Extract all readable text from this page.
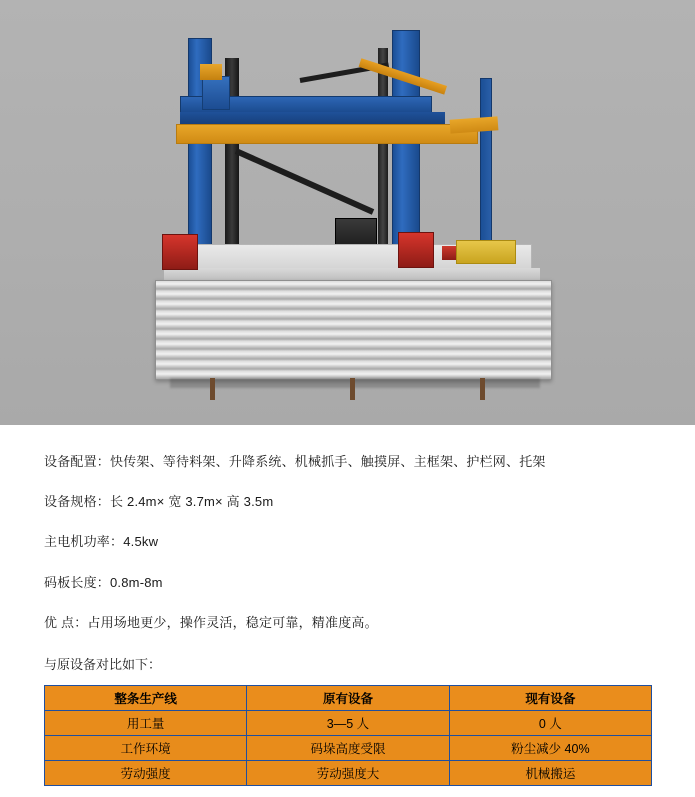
设备配置：快传架、等待料架、升降系统、机械抓手、触摸屏、主框架、护栏网、托架

设备规格：长 2.4m× 宽 3.7m× 高 3.5m

主电机功率：4.5kw

码板长度：0.8m-8m

优 点：占用场地更少，操作灵活，稳定可靠，精准度高。

与原设备对比如下：

整条生产线	原有设备	现有设备
用工量	3—5 人	0 人
工作环境	码垛高度受限	粉尘减少 40%
劳动强度	劳动强度大	机械搬运
